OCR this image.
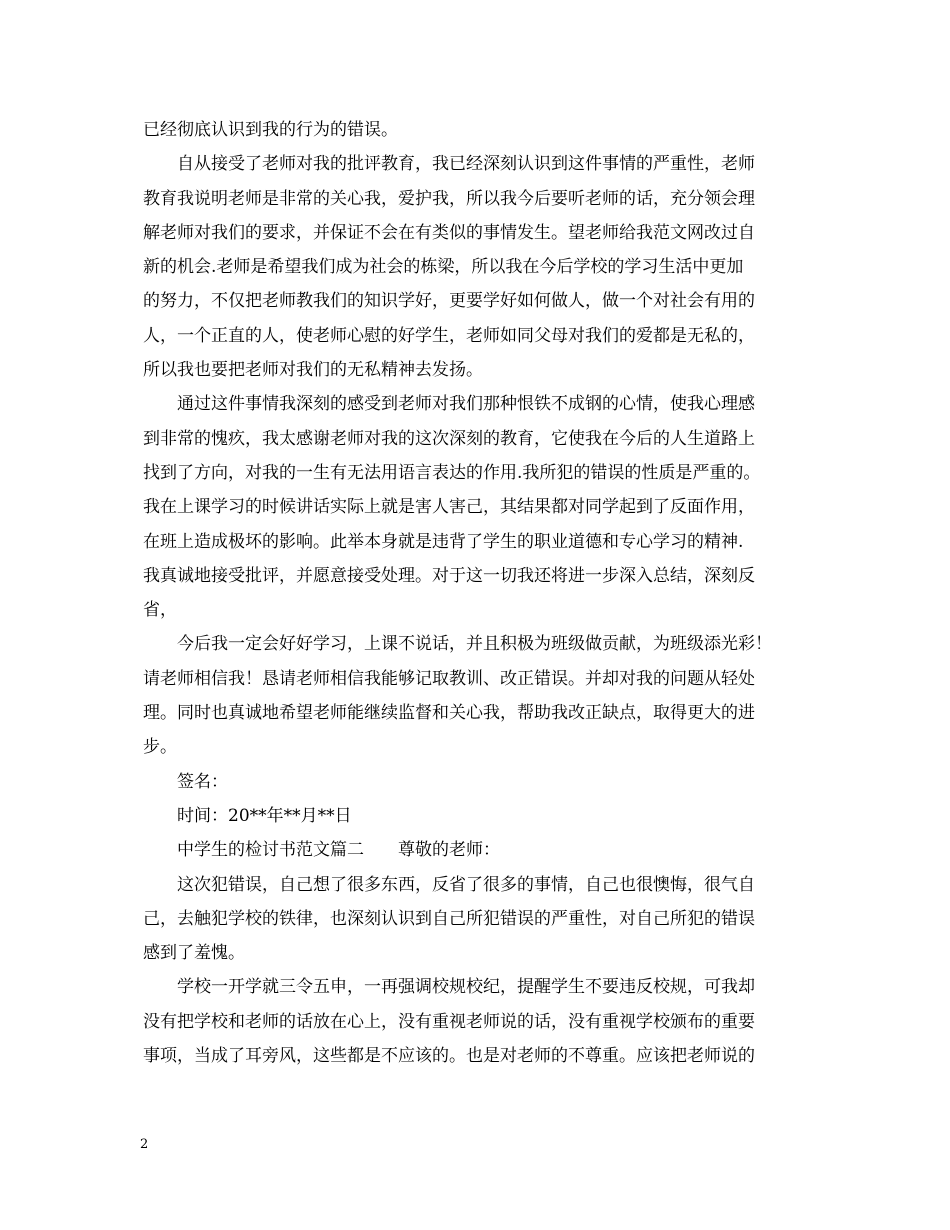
已经彻底认识到我的行为的错误。
自从接受了老师对我的批评教育，我已经深刻认识到这件事情的严重性，老师
教育我说明老师是非常的关心我，爱护我，所以我今后要听老师的话，充分领会理
解老师对我们的要求，并保证不会在有类似的事情发生。望老师给我范文网改过自
新的机会.老师是希望我们成为社会的栋梁，所以我在今后学校的学习生活中更加
的努力，不仅把老师教我们的知识学好，更要学好如何做人，做一个对社会有用的
人，一个正直的人，使老师心慰的好学生，老师如同父母对我们的爱都是无私的，
所以我也要把老师对我们的无私精神去发扬。
通过这件事情我深刻的感受到老师对我们那种恨铁不成钢的心情，使我心理感
到非常的愧疚，我太感谢老师对我的这次深刻的教育，它使我在今后的人生道路上
找到了方向，对我的一生有无法用语言表达的作用.我所犯的错误的性质是严重的。
我在上课学习的时候讲话实际上就是害人害己，其结果都对同学起到了反面作用，
在班上造成极坏的影响。此举本身就是违背了学生的职业道德和专心学习的精神.
我真诚地接受批评，并愿意接受处理。对于这一切我还将进一步深入总结，深刻反
省，
今后我一定会好好学习，上课不说话，并且积极为班级做贡献，为班级添光彩！
请老师相信我！恳请老师相信我能够记取教训、改正错误。并却对我的问题从轻处
理。同时也真诚地希望老师能继续监督和关心我，帮助我改正缺点，取得更大的进
步。
签名：
时间：20**年**月**日
中学生的检讨书范文篇二　　尊敬的老师：
这次犯错误，自己想了很多东西，反省了很多的事情，自己也很懊悔，很气自
己，去触犯学校的铁律，也深刻认识到自己所犯错误的严重性，对自己所犯的错误
感到了羞愧。
学校一开学就三令五申，一再强调校规校纪，提醒学生不要违反校规，可我却
没有把学校和老师的话放在心上，没有重视老师说的话，没有重视学校颁布的重要
事项，当成了耳旁风，这些都是不应该的。也是对老师的不尊重。应该把老师说的
2
